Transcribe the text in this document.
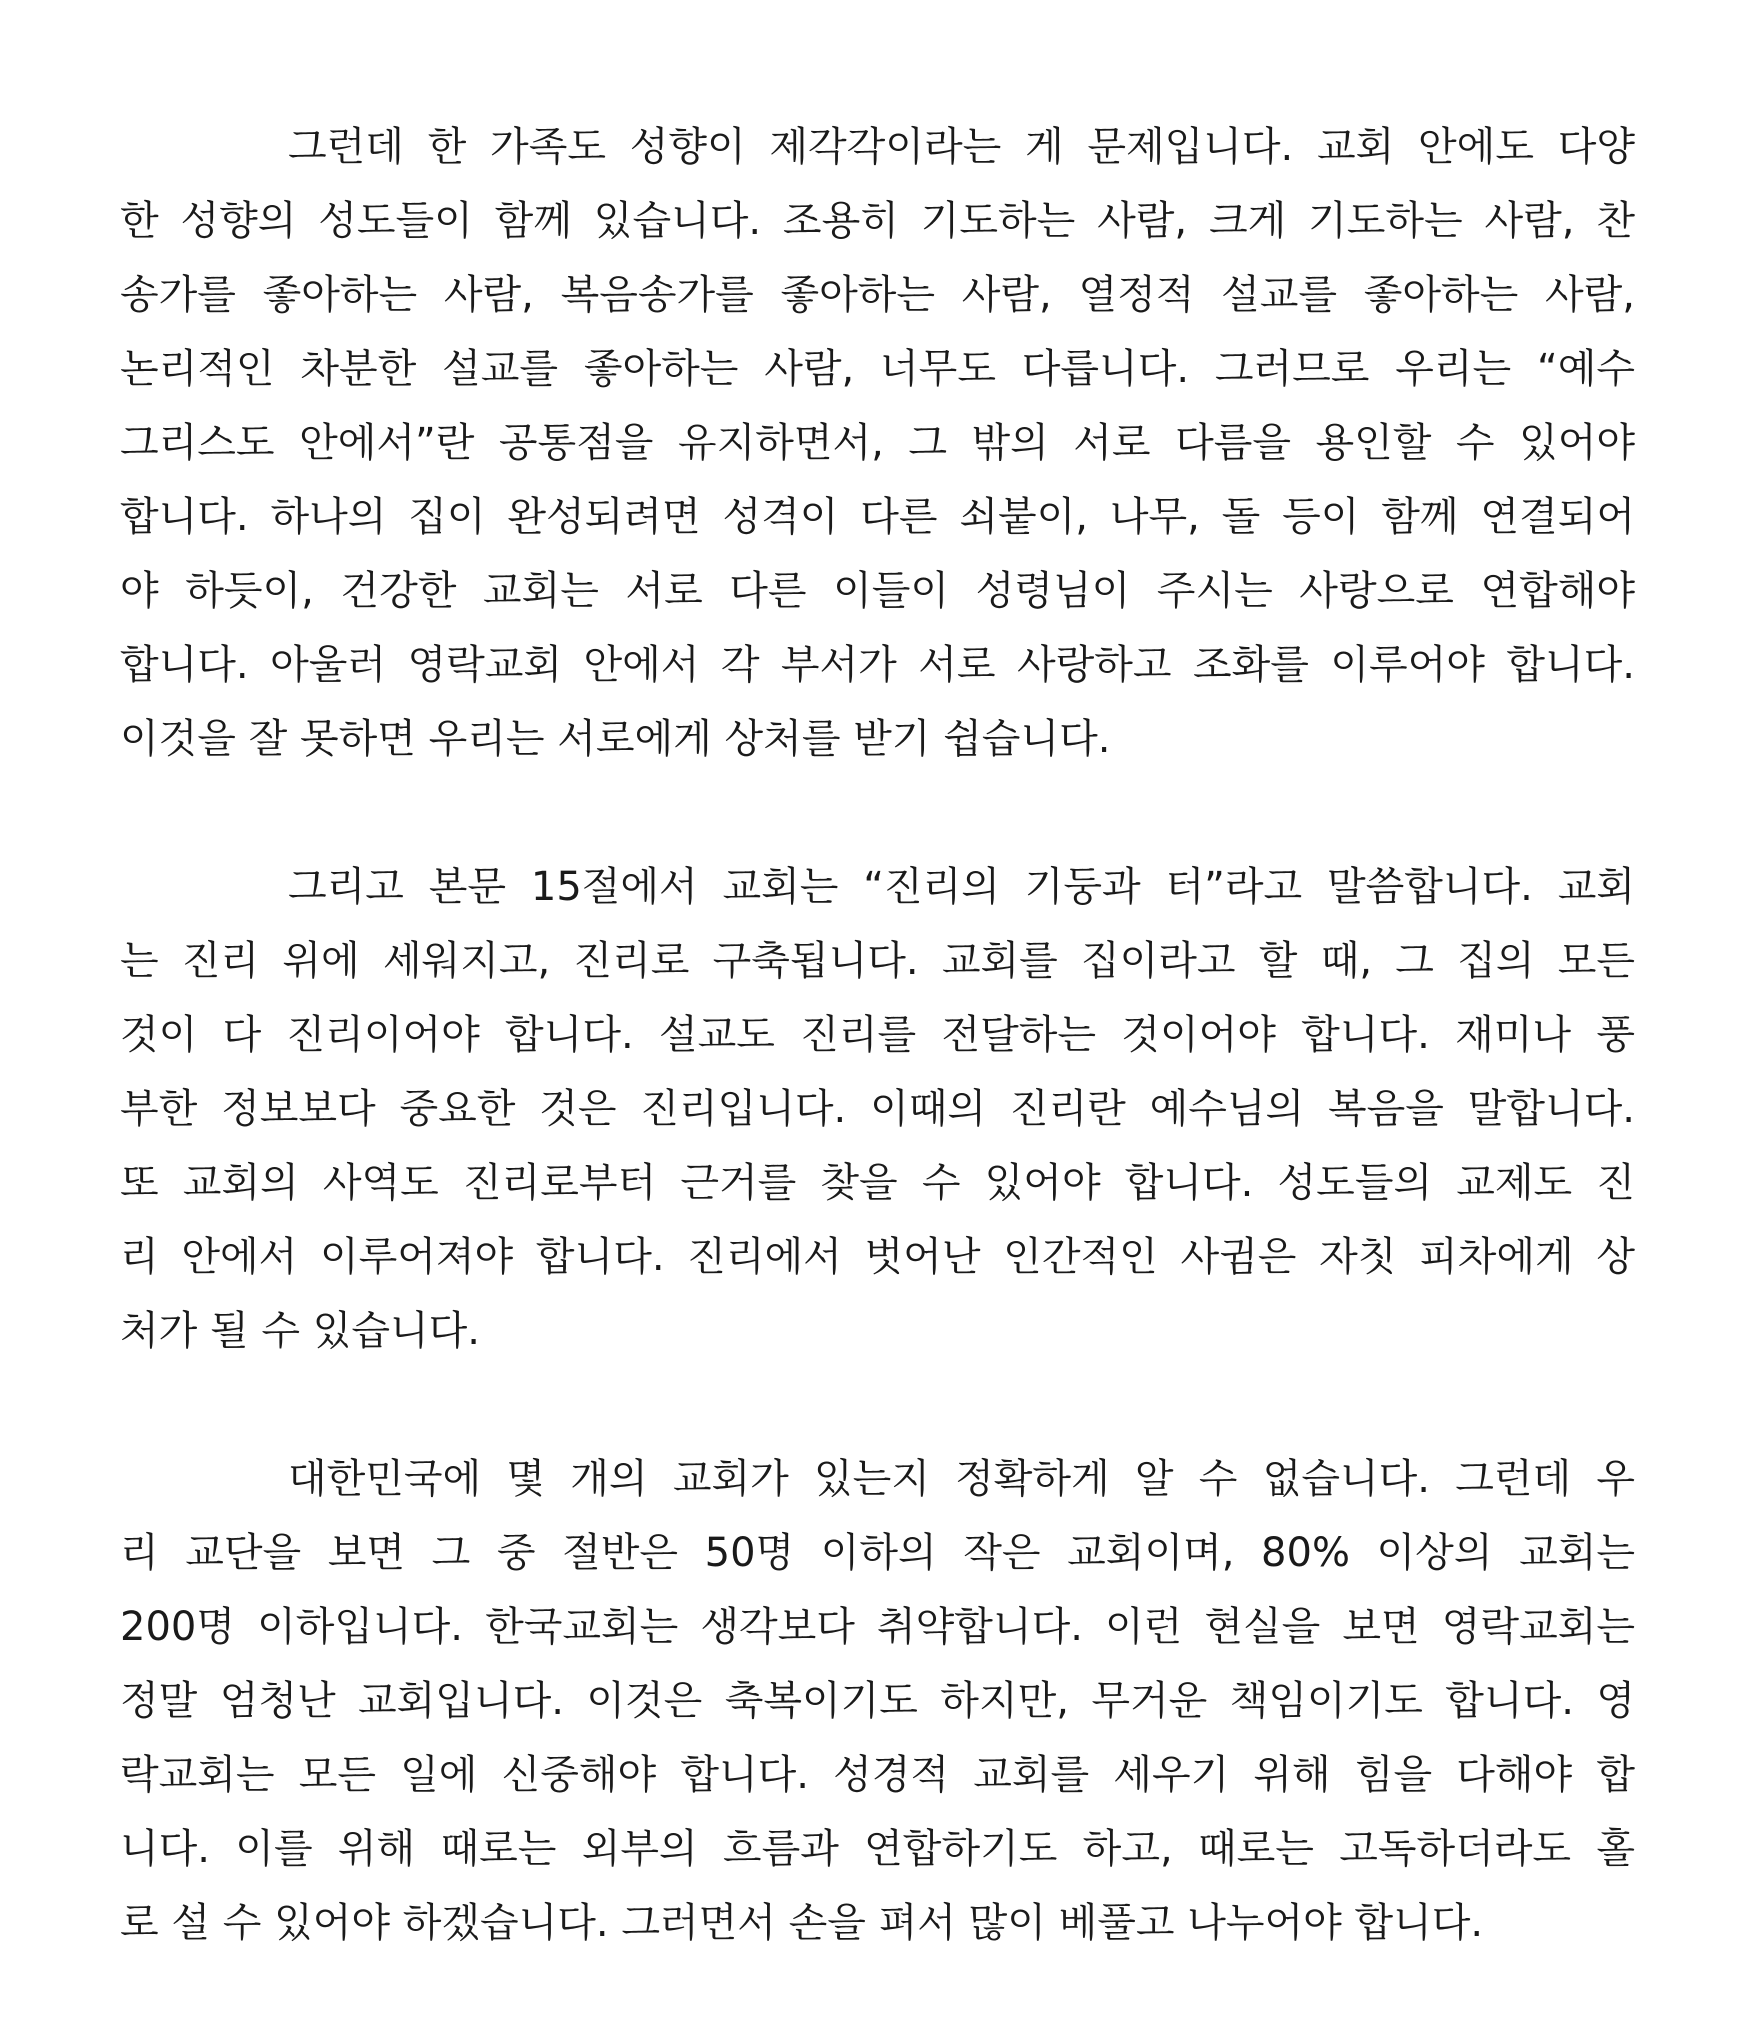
그런데 한 가족도 성향이 제각각이라는 게 문제입니다. 교회 안에도 다양
한 성향의 성도들이 함께 있습니다. 조용히 기도하는 사람, 크게 기도하는 사람, 찬
송가를 좋아하는 사람, 복음송가를 좋아하는 사람, 열정적 설교를 좋아하는 사람,
논리적인 차분한 설교를 좋아하는 사람, 너무도 다릅니다. 그러므로 우리는 “예수
그리스도 안에서”란 공통점을 유지하면서, 그 밖의 서로 다름을 용인할 수 있어야
합니다. 하나의 집이 완성되려면 성격이 다른 쇠붙이, 나무, 돌 등이 함께 연결되어
야 하듯이, 건강한 교회는 서로 다른 이들이 성령님이 주시는 사랑으로 연합해야
합니다. 아울러 영락교회 안에서 각 부서가 서로 사랑하고 조화를 이루어야 합니다.
이것을 잘 못하면 우리는 서로에게 상처를 받기 쉽습니다.
그리고 본문 15절에서 교회는 “진리의 기둥과 터”라고 말씀합니다. 교회
는 진리 위에 세워지고, 진리로 구축됩니다. 교회를 집이라고 할 때, 그 집의 모든
것이 다 진리이어야 합니다. 설교도 진리를 전달하는 것이어야 합니다. 재미나 풍
부한 정보보다 중요한 것은 진리입니다. 이때의 진리란 예수님의 복음을 말합니다.
또 교회의 사역도 진리로부터 근거를 찾을 수 있어야 합니다. 성도들의 교제도 진
리 안에서 이루어져야 합니다. 진리에서 벗어난 인간적인 사귐은 자칫 피차에게 상
처가 될 수 있습니다.
대한민국에 몇 개의 교회가 있는지 정확하게 알 수 없습니다. 그런데 우
리 교단을 보면 그 중 절반은 50명 이하의 작은 교회이며, 80% 이상의 교회는
200명 이하입니다. 한국교회는 생각보다 취약합니다. 이런 현실을 보면 영락교회는
정말 엄청난 교회입니다. 이것은 축복이기도 하지만, 무거운 책임이기도 합니다. 영
락교회는 모든 일에 신중해야 합니다. 성경적 교회를 세우기 위해 힘을 다해야 합
니다. 이를 위해 때로는 외부의 흐름과 연합하기도 하고, 때로는 고독하더라도 홀
로 설 수 있어야 하겠습니다. 그러면서 손을 펴서 많이 베풀고 나누어야 합니다.
